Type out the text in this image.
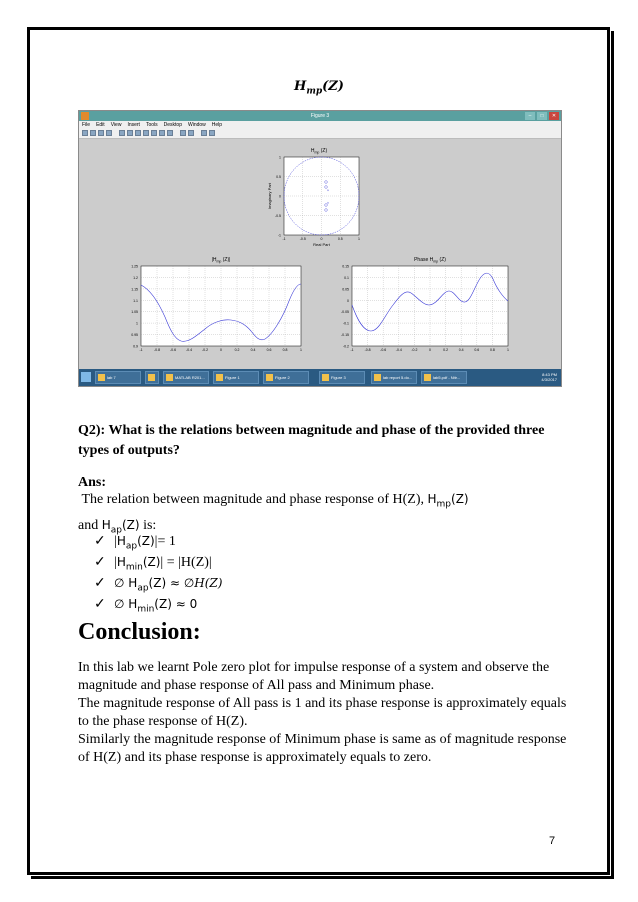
$H_{mp}(Z)$
Figure 3	–	□	✕
File Edit View Insert Tools Desktop Window Help
$H_{mp}$ (Z)
×
×
-1	-0.5	0	0.5	1
1
0.5
0
-0.5
-1
Real Part
Imaginary Part
$|H_{mp}$ (Z)|
-1	-0.8	-0.6	-0.4	-0.2	0	0.2	0.4	0.6	0.8	1
1.25
1.2
1.15
1.1
1.05
1
0.95
0.9
Phase $H_{mp}$ (Z)
-1	-0.8	-0.6	-0.4	-0.2	0	0.2	0.4	0.6	0.8	1
0.15
0.1
0.05
0
-0.05
-0.1
-0.15
-0.2
lab 7	MATLAB R201...	Figure 1	Figure 2	Figure 3	lab report 5.do...	lab5.pdf - Nitr...
8:43 PM
4/3/2017
Q2): What is the relations between magnitude and phase of the provided three types of outputs?
Ans:
The relation between magnitude and phase response of H(Z), $H_{mp}(Z)$
and $H_{ap}(Z)$ is:
✓ $|H_{ap}(Z)|= 1$
✓ $|H_{min}(Z)| = |H(Z)|$
✓ ∅ $H_{ap}(Z)$ ≈ ∅H(Z)
✓ ∅ $H_{min}(Z) \approx 0$
Conclusion:

In this lab we learnt Pole zero plot for impulse response of a system and observe the magnitude and phase response of All pass and Minimum phase.

The magnitude response of All pass is 1 and its phase response is approximately equals to the phase response of H(Z).

Similarly the magnitude response of Minimum phase is same as of magnitude response of H(Z) and its phase response is approximately equals to zero.

7
